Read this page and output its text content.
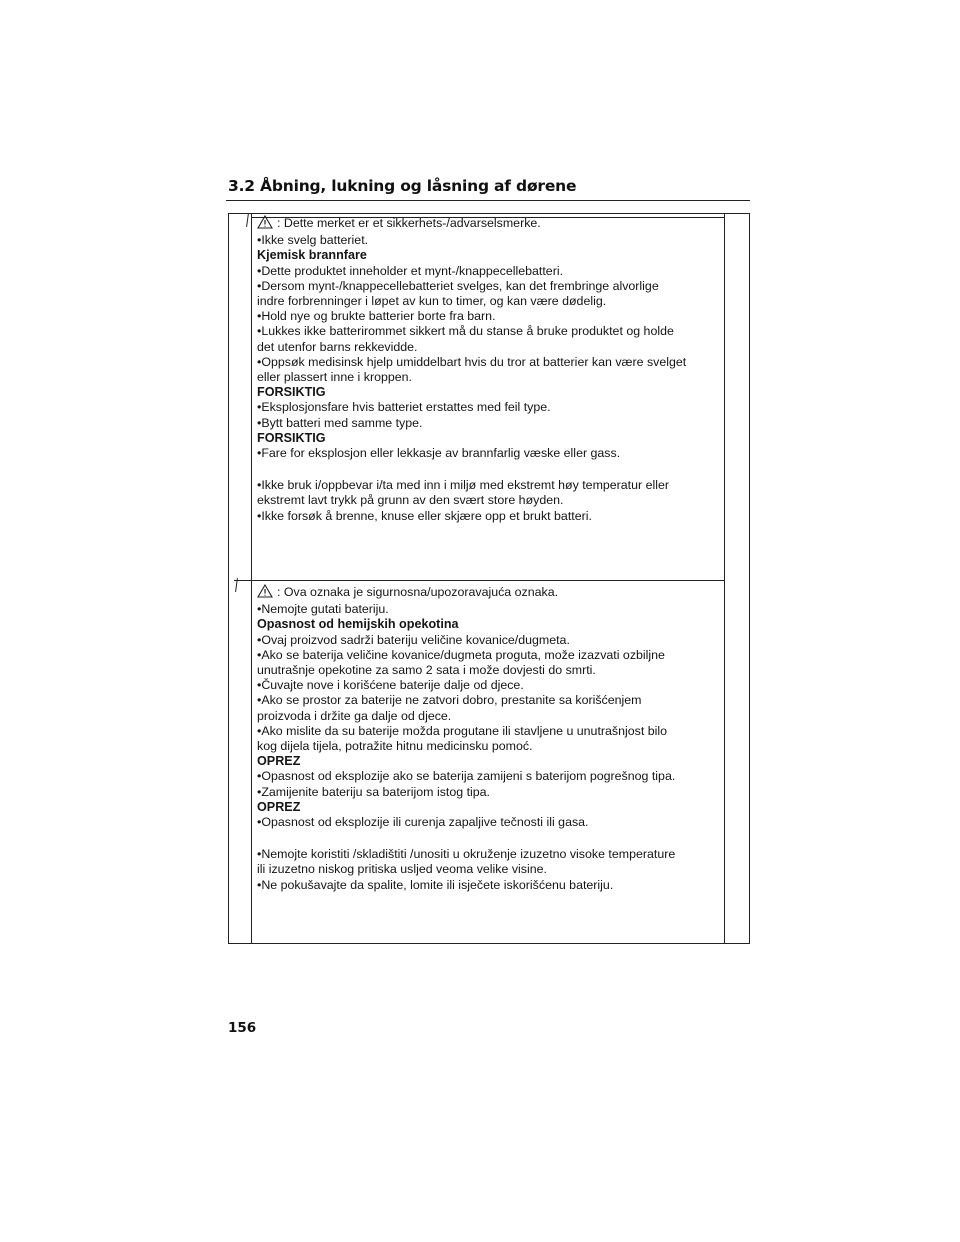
3.2 Åbning, lukning og låsning af dørene

: Dette merket er et sikkerhets-/advarselsmerke.

•Ikke svelg batteriet.

Kjemisk brannfare

•Dette produktet inneholder et mynt-/knappecellebatteri.

•Dersom mynt-/knappecellebatteriet svelges, kan det frembringe alvorlige

indre forbrenninger i løpet av kun to timer, og kan være dødelig.

•Hold nye og brukte batterier borte fra barn.

•Lukkes ikke batterirommet sikkert må du stanse å bruke produktet og holde

det utenfor barns rekkevidde.

•Oppsøk medisinsk hjelp umiddelbart hvis du tror at batterier kan være svelget

eller plassert inne i kroppen.

FORSIKTIG

•Eksplosjonsfare hvis batteriet erstattes med feil type.

•Bytt batteri med samme type.

FORSIKTIG

•Fare for eksplosjon eller lekkasje av brannfarlig væske eller gass.

•Ikke bruk i/oppbevar i/ta med inn i miljø med ekstremt høy temperatur eller

ekstremt lavt trykk på grunn av den svært store høyden.

•Ikke forsøk å brenne, knuse eller skjære opp et brukt batteri.

: Ova oznaka je sigurnosna/upozoravajuća oznaka.

•Nemojte gutati bateriju.

Opasnost od hemijskih opekotina

•Ovaj proizvod sadrži bateriju veličine kovanice/dugmeta.

•Ako se baterija veličine kovanice/dugmeta proguta, može izazvati ozbiljne

unutrašnje opekotine za samo 2 sata i može dovjesti do smrti.

•Čuvajte nove i korišćene baterije dalje od djece.

•Ako se prostor za baterije ne zatvori dobro, prestanite sa korišćenjem

proizvoda i držite ga dalje od djece.

•Ako mislite da su baterije možda progutane ili stavljene u unutrašnjost bilo

kog dijela tijela, potražite hitnu medicinsku pomoć.

OPREZ

•Opasnost od eksplozije ako se baterija zamijeni s baterijom pogrešnog tipa.

•Zamijenite bateriju sa baterijom istog tipa.

OPREZ

•Opasnost od eksplozije ili curenja zapaljive tečnosti ili gasa.

•Nemojte koristiti /skladištiti /unositi u okruženje izuzetno visoke temperature

ili izuzetno niskog pritiska usljed veoma velike visine.

•Ne pokušavajte da spalite, lomite ili isječete iskorišćenu bateriju.

156
